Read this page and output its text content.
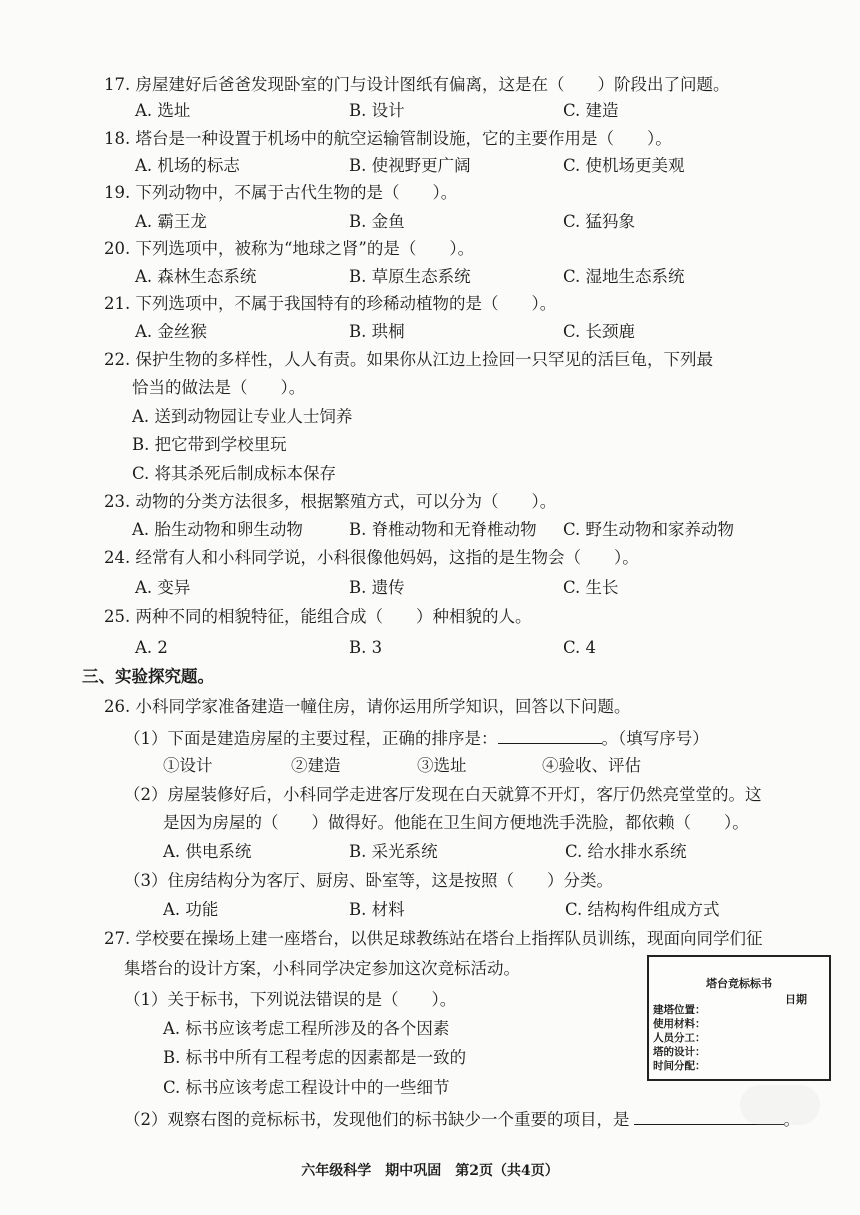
17. 房屋建好后爸爸发现卧室的门与设计图纸有偏离，这是在（　　）阶段出了问题。
A. 选址	B. 设计	C. 建造
18. 塔台是一种设置于机场中的航空运输管制设施，它的主要作用是（　　）。
A. 机场的标志	B. 使视野更广阔	C. 使机场更美观
19. 下列动物中，不属于古代生物的是（　　）。
A. 霸王龙	B. 金鱼	C. 猛犸象
20. 下列选项中，被称为“地球之肾”的是（　　）。
A. 森林生态系统	B. 草原生态系统	C. 湿地生态系统
21. 下列选项中，不属于我国特有的珍稀动植物的是（　　）。
A. 金丝猴	B. 珙桐	C. 长颈鹿
22. 保护生物的多样性，人人有责。如果你从江边上捡回一只罕见的活巨龟，下列最
恰当的做法是（　　）。
A. 送到动物园让专业人士饲养
B. 把它带到学校里玩
C. 将其杀死后制成标本保存
23. 动物的分类方法很多，根据繁殖方式，可以分为（　　）。
A. 胎生动物和卵生动物	B. 脊椎动物和无脊椎动物 C. 野生动物和家养动物
24. 经常有人和小科同学说，小科很像他妈妈，这指的是生物会（　　）。
A. 变异	B. 遗传	C. 生长
25. 两种不同的相貌特征，能组合成（　　）种相貌的人。
A. 2	B. 3	C. 4
三、实验探究题。
26. 小科同学家准备建造一幢住房，请你运用所学知识，回答以下问题。
（1）下面是建造房屋的主要过程，正确的排序是：	。（填写序号）
①设计	②建造	③选址	④验收、评估
（2）房屋装修好后，小科同学走进客厅发现在白天就算不开灯，客厅仍然亮堂堂的。这
是因为房屋的（　　）做得好。他能在卫生间方便地洗手洗脸，都依赖（　　）。
A. 供电系统	B. 采光系统	C. 给水排水系统
（3）住房结构分为客厅、厨房、卧室等，这是按照（　　）分类。
A. 功能	B. 材料	C. 结构构件组成方式
27. 学校要在操场上建一座塔台，以供足球教练站在塔台上指挥队员训练，现面向同学们征
集塔台的设计方案，小科同学决定参加这次竞标活动。
（1）关于标书，下列说法错误的是（　　）。
A. 标书应该考虑工程所涉及的各个因素
B. 标书中所有工程考虑的因素都是一致的
C. 标书应该考虑工程设计中的一些细节
（2）观察右图的竞标标书，发现他们的标书缺少一个重要的项目，是	。
塔台竞标标书
日期
建塔位置：
使用材料：
人员分工：
塔的设计：
时间分配：
六年级科学　期中巩固　第2页（共4页）
